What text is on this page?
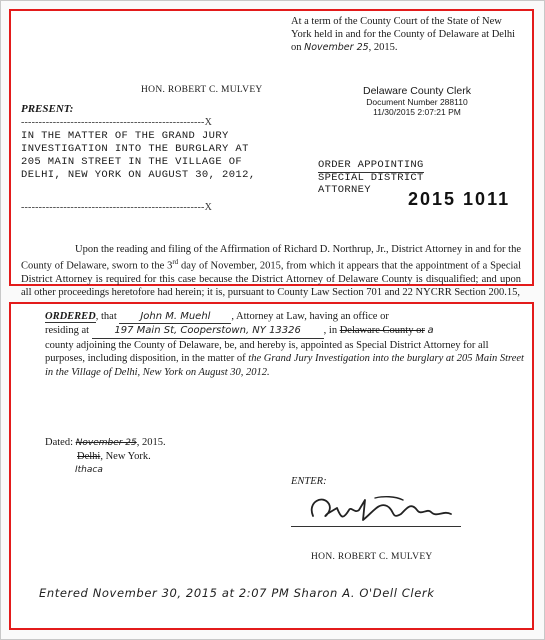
At a term of the County Court of the State of New York held in and for the County of Delaware at Delhi on November 25, 2015.
HON. ROBERT C. MULVEY
PRESENT:
----------------------------------------------------X
IN THE MATTER OF THE GRAND JURY
INVESTIGATION INTO THE BURGLARY AT
205 MAIN STREET IN THE VILLAGE OF
DELHI, NEW YORK ON AUGUST 30, 2012,
----------------------------------------------------X
Delaware County Clerk
Document Number 288110
11/30/2015 2:07:21 PM
ORDER APPOINTING
SPECIAL DISTRICT
ATTORNEY	2015 1011
Upon the reading and filing of the Affirmation of Richard D. Northrup, Jr., District Attorney in and for the County of Delaware, sworn to the 3rd day of November, 2015, from which it appears that the appointment of a Special District Attorney is required for this case because the District Attorney of Delaware County is disqualified; and upon all other proceedings heretofore had herein; it is, pursuant to County Law Section 701 and 22 NYCRR Section 200.15,
ORDERED, that John M. Muehl , Attorney at Law, having an office or
residing at	197 Main St, Cooperstown, NY 13326 , in Delaware County or a
county adjoining the County of Delaware, be, and hereby is, appointed as Special District Attorney for all purposes, including disposition, in the matter of the Grand Jury Investigation into the burglary at 205 Main Street in the Village of Delhi, New York on August 30, 2012.
Dated: November 25, 2015.
Delhi, New York.
Ithaca
ENTER:
HON. ROBERT C. MULVEY
Entered November 30, 2015 at 2:07 PM Sharon A. O'Dell Clerk
